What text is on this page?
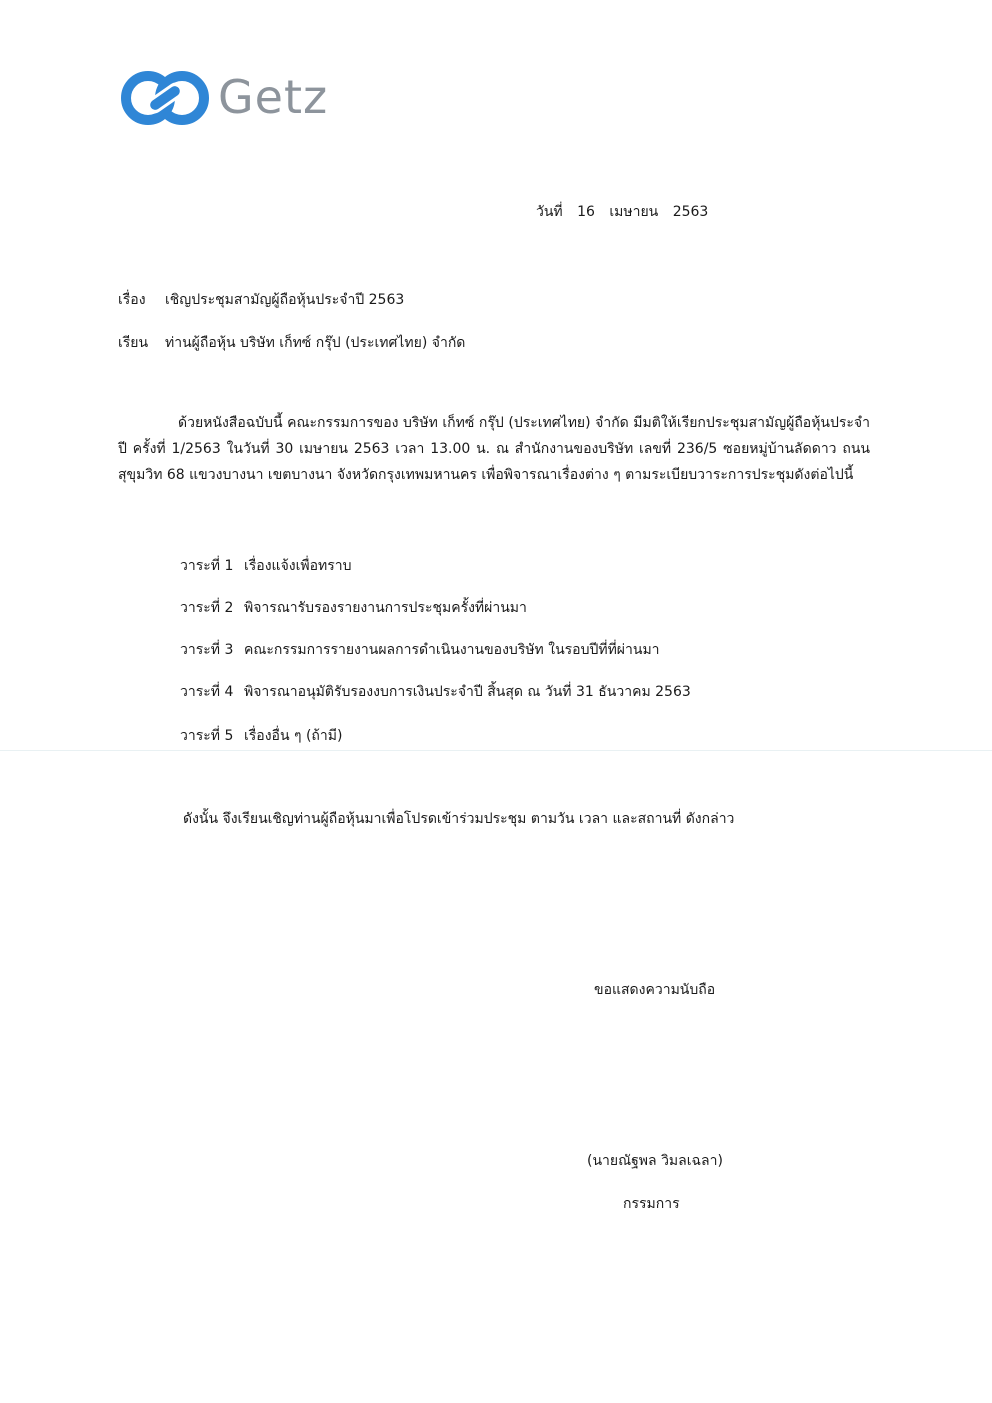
Getz
วันที่ 16 เมษายน 2563
เรื่อง เชิญประชุมสามัญผู้ถือหุ้นประจำปี 2563
เรียน ท่านผู้ถือหุ้น บริษัท เก็ทซ์ กรุ๊ป (ประเทศไทย) จำกัด
ด้วยหนังสือฉบับนี้ คณะกรรมการของ บริษัท เก็ทซ์ กรุ๊ป (ประเทศไทย) จำกัด มีมติให้เรียกประชุมสามัญผู้ถือหุ้นประจำปี ครั้งที่ 1/2563 ในวันที่ 30 เมษายน 2563 เวลา 13.00 น. ณ สำนักงานของบริษัท เลขที่ 236/5 ซอยหมู่บ้านลัดดาว ถนนสุขุมวิท 68 แขวงบางนา เขตบางนา จังหวัดกรุงเทพมหานคร เพื่อพิจารณาเรื่องต่าง ๆ ตามระเบียบวาระการประชุมดังต่อไปนี้
วาระที่ 1 เรื่องแจ้งเพื่อทราบ
วาระที่ 2 พิจารณารับรองรายงานการประชุมครั้งที่ผ่านมา
วาระที่ 3 คณะกรรมการรายงานผลการดำเนินงานของบริษัท ในรอบปีที่ที่ผ่านมา
วาระที่ 4 พิจารณาอนุมัติรับรองงบการเงินประจำปี สิ้นสุด ณ วันที่ 31 ธันวาคม 2563
วาระที่ 5 เรื่องอื่น ๆ (ถ้ามี)
ดังนั้น จึงเรียนเชิญท่านผู้ถือหุ้นมาเพื่อโปรดเข้าร่วมประชุม ตามวัน เวลา และสถานที่ ดังกล่าว
ขอแสดงความนับถือ
(นายณัฐพล วิมลเฉลา)
กรรมการ
